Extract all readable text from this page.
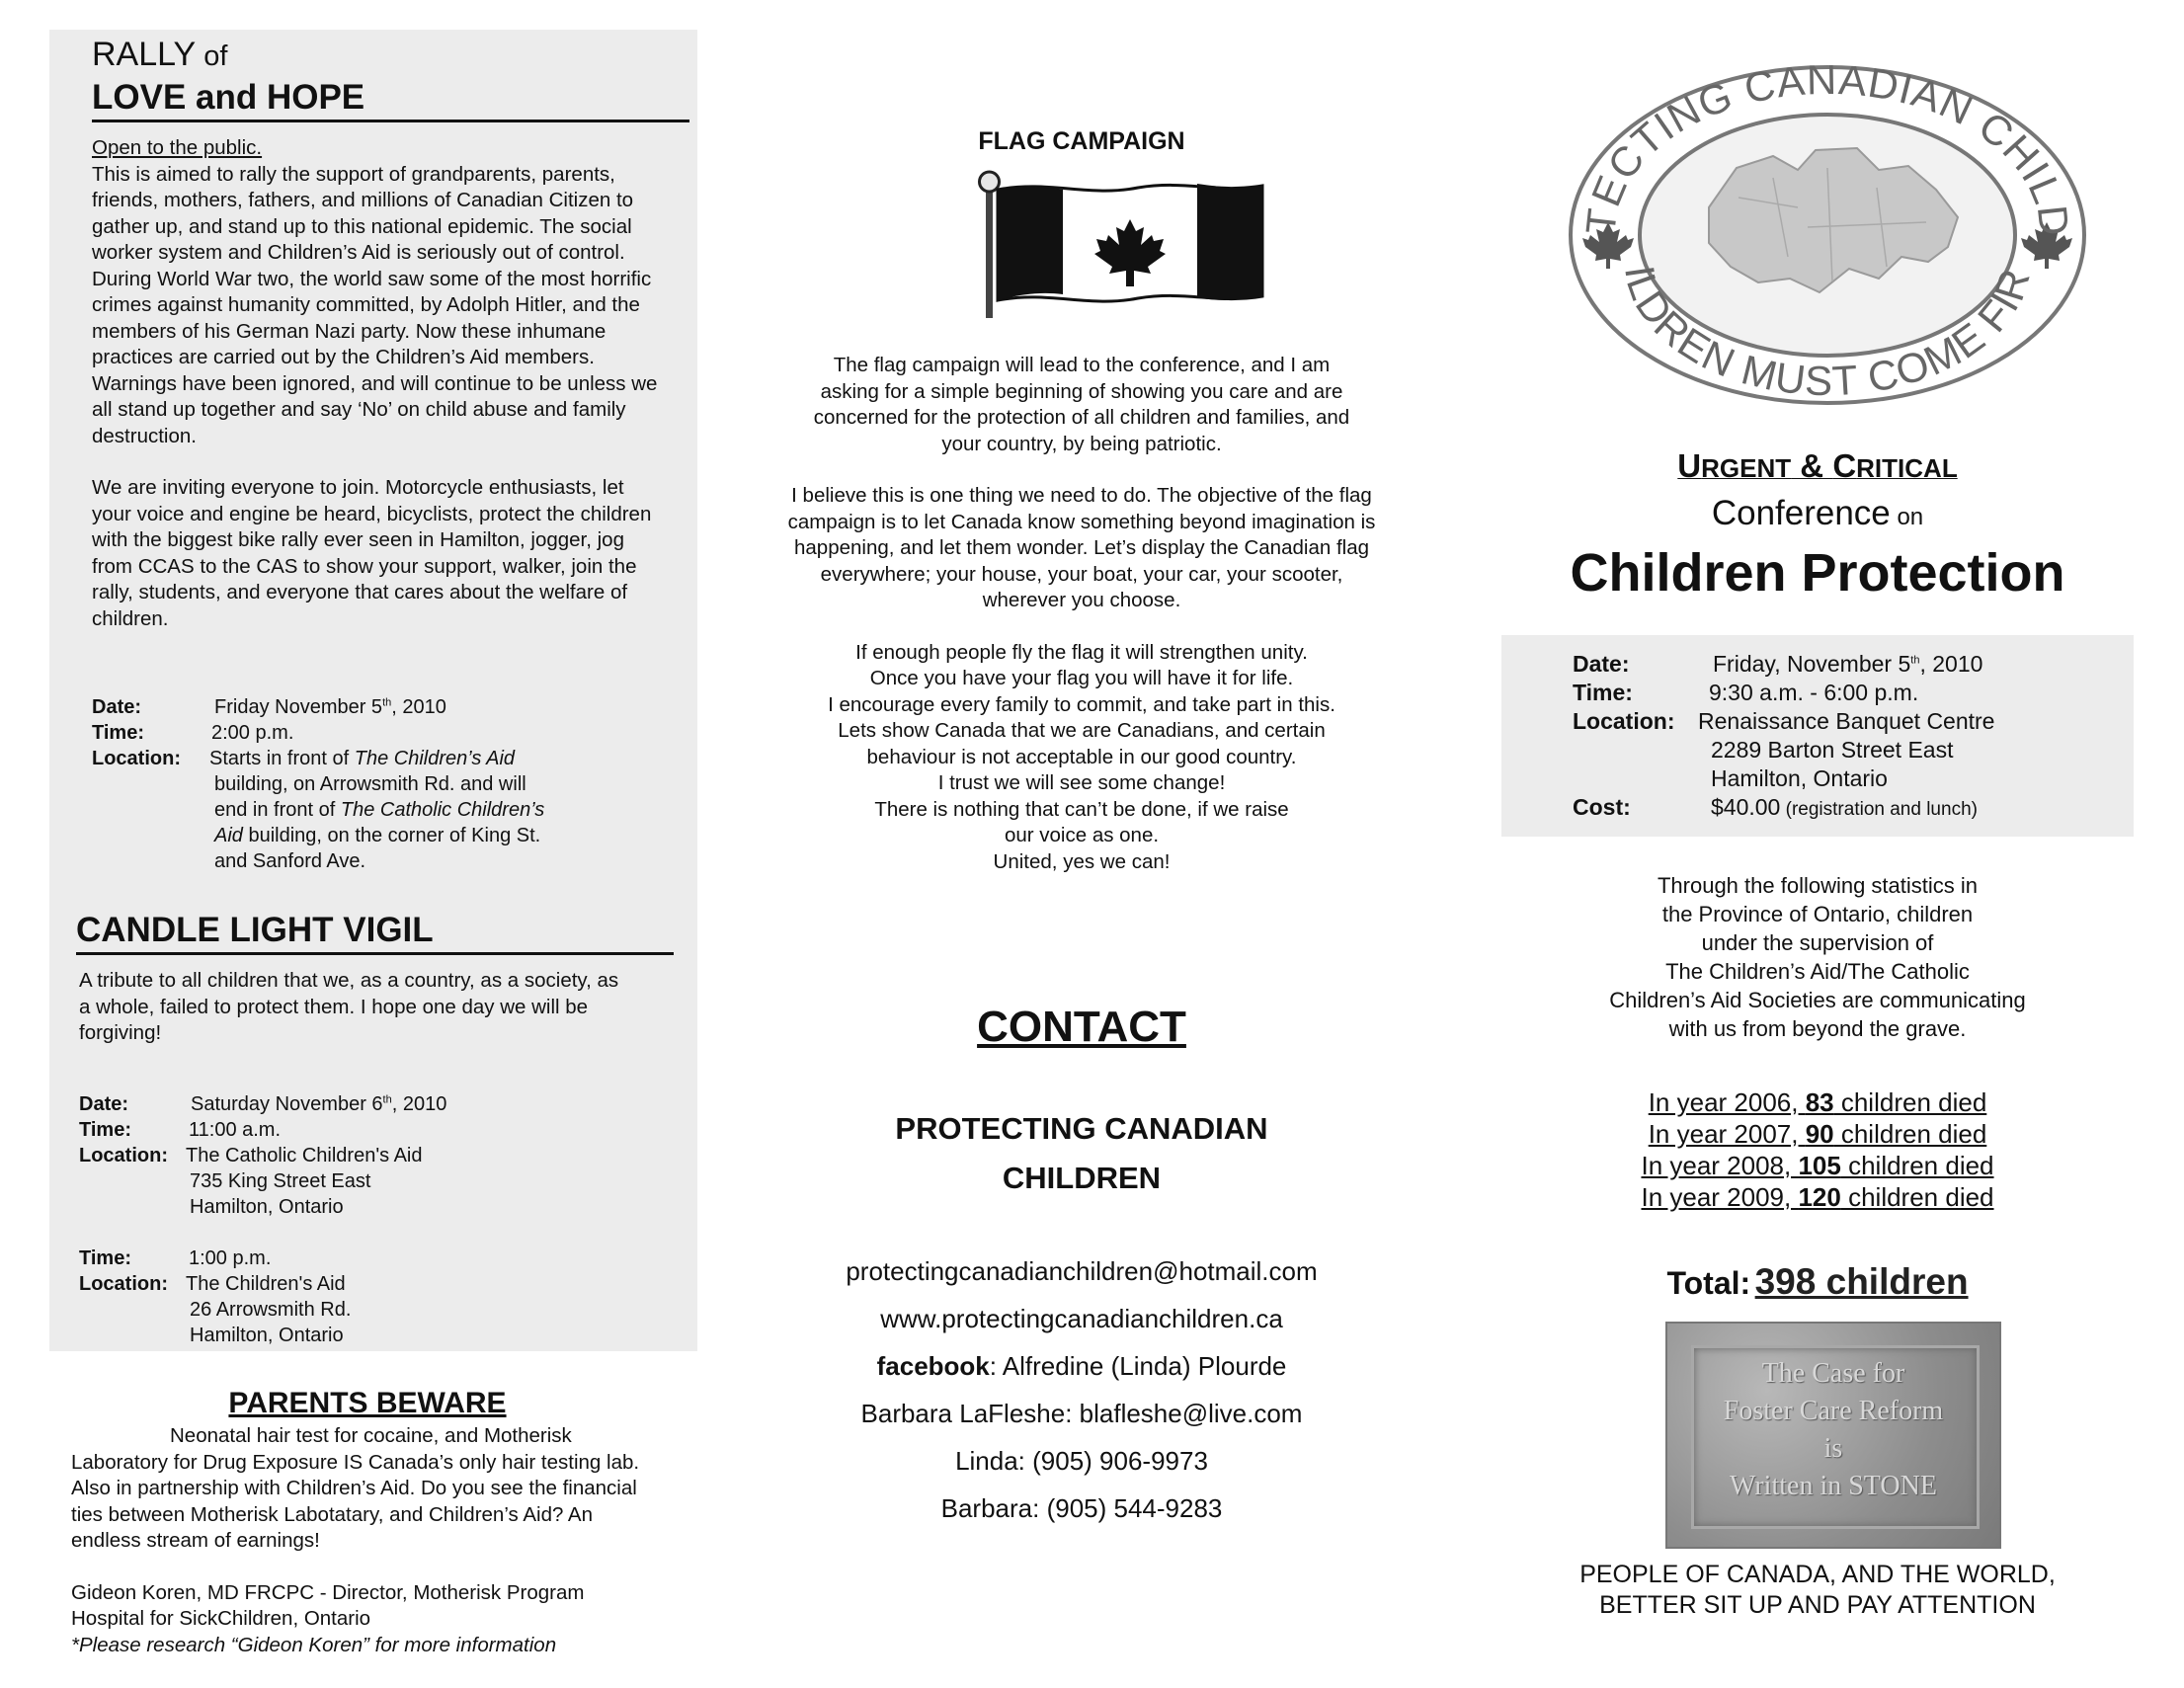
RALLY of
LOVE and HOPE

Open to the public.

This is aimed to rally the support of grandparents, parents, friends, mothers, fathers, and millions of Canadian Citizen to gather up, and stand up to this national epidemic. The social worker system and Children’s Aid is seriously out of control. During World War two, the world saw some of the most horrific crimes against humanity committed, by Adolph Hitler, and the members of his German Nazi party. Now these inhumane practices are carried out by the Children’s Aid members. Warnings have been ignored, and will continue to be unless we all stand up together and say ‘No’ on child abuse and family destruction.

We are inviting everyone to join. Motorcycle enthusiasts, let your voice and engine be heard, bicyclists, protect the children with the biggest bike rally ever seen in Hamilton, jogger, jog from CCAS to the CAS to show your support, walker, join the rally, students, and everyone that cares about the welfare of children.

Date:	Friday November 5th, 2010
Time:	2:00 p.m.
Location:	Starts in front of The Children’s Aid
building, on Arrowsmith Rd. and will
end in front of The Catholic Children’s
Aid building, on the corner of King St.
and Sanford Ave.
CANDLE LIGHT VIGIL

A tribute to all children that we, as a country, as a society, as a whole, failed to protect them. I hope one day we will be forgiving!

Date:	Saturday November 6th, 2010
Time:	11:00 a.m.
Location: The Catholic Children's Aid
735 King Street East
Hamilton, Ontario
Time:	1:00 p.m.
Location: The Children's Aid
26 Arrowsmith Rd.
Hamilton, Ontario
PARENTS BEWARE

Neonatal hair test for cocaine, and Motherisk Laboratory for Drug Exposure IS Canada’s only hair testing lab. Also in partnership with Children’s Aid. Do you see the financial ties between Motherisk Labotatary, and Children’s Aid? An endless stream of earnings!

Gideon Koren, MD FRCPC - Director, Motherisk Program

Hospital for SickChildren, Ontario

*Please research “Gideon Koren” for more information

FLAG CAMPAIGN

The flag campaign will lead to the conference, and I am asking for a simple beginning of showing you care and are concerned for the protection of all children and families, and your country, by being patriotic.

I believe this is one thing we need to do. The objective of the flag campaign is to let Canada know something beyond imagination is happening, and let them wonder. Let’s display the Canadian flag everywhere; your house, your boat, your car, your scooter, wherever you choose.

If enough people fly the flag it will strengthen unity.

Once you have your flag you will have it for life.

I encourage every family to commit, and take part in this.

Lets show Canada that we are Canadians, and certain

behaviour is not acceptable in our good country.

I trust we will see some change!

There is nothing that can’t be done, if we raise

our voice as one.

United, yes we can!

CONTACT
PROTECTING CANADIAN
CHILDREN
protectingcanadianchildren@hotmail.com
www.protectingcanadianchildren.ca
facebook: Alfredine (Linda) Plourde
Barbara LaFleshe: blafleshe@live.com
Linda: (905) 906-9973
Barbara: (905) 544-9283
TECTING CANADIAN CHILD
ILDREN MUST COME FIR
URGENT & CRITICAL
Conference on
Children Protection
Date:	Friday, November 5th, 2010
Time:	9:30 a.m. - 6:00 p.m.
Location:	Renaissance Banquet Centre
2289 Barton Street East
Hamilton, Ontario
Cost:	$40.00 (registration and lunch)
Through the following statistics in
the Province of Ontario, children
under the supervision of
The Children’s Aid/The Catholic
Children’s Aid Societies are communicating
with us from beyond the grave.
In year 2006, 83 children died
In year 2007, 90 children died
In year 2008, 105 children died
In year 2009, 120 children died
Total: 398 children
The Case for
Foster Care Reform
is
Written in STONE
PEOPLE OF CANADA, AND THE WORLD,
BETTER SIT UP AND PAY ATTENTION
